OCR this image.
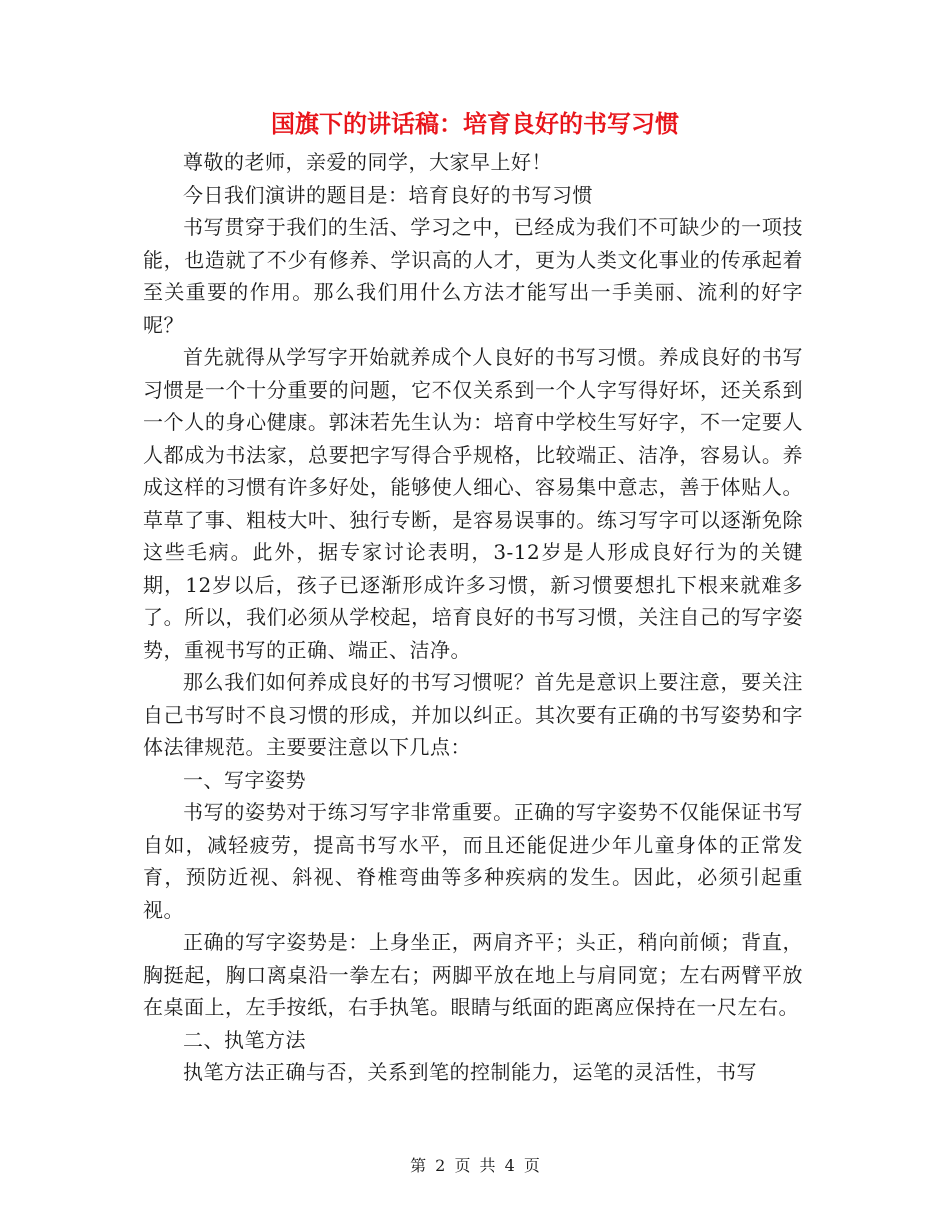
国旗下的讲话稿：培育良好的书写习惯

尊敬的老师，亲爱的同学，大家早上好！

今日我们演讲的题目是：培育良好的书写习惯

书写贯穿于我们的生活、学习之中，已经成为我们不可缺少的一项技能，也造就了不少有修养、学识高的人才，更为人类文化事业的传承起着至关重要的作用。那么我们用什么方法才能写出一手美丽、流利的好字呢？

首先就得从学写字开始就养成个人良好的书写习惯。养成良好的书写习惯是一个十分重要的问题，它不仅关系到一个人字写得好坏，还关系到一个人的身心健康。郭沫若先生认为：培育中学校生写好字，不一定要人人都成为书法家，总要把字写得合乎规格，比较端正、洁净，容易认。养成这样的习惯有许多好处，能够使人细心、容易集中意志，善于体贴人。草草了事、粗枝大叶、独行专断，是容易误事的。练习写字可以逐渐免除这些毛病。此外，据专家讨论表明，3-12岁是人形成良好行为的关键期，12岁以后，孩子已逐渐形成许多习惯，新习惯要想扎下根来就难多了。所以，我们必须从学校起，培育良好的书写习惯，关注自己的写字姿势，重视书写的正确、端正、洁净。

那么我们如何养成良好的书写习惯呢？首先是意识上要注意，要关注自己书写时不良习惯的形成，并加以纠正。其次要有正确的书写姿势和字体法律规范。主要要注意以下几点：

一、写字姿势

书写的姿势对于练习写字非常重要。正确的写字姿势不仅能保证书写自如，减轻疲劳，提高书写水平，而且还能促进少年儿童身体的正常发育，预防近视、斜视、脊椎弯曲等多种疾病的发生。因此，必须引起重视。

正确的写字姿势是：上身坐正，两肩齐平；头正，稍向前倾；背直，胸挺起，胸口离桌沿一拳左右；两脚平放在地上与肩同宽；左右两臂平放在桌面上，左手按纸，右手执笔。眼睛与纸面的距离应保持在一尺左右。

二、执笔方法

执笔方法正确与否，关系到笔的控制能力，运笔的灵活性，书写

第 2 页 共 4 页
